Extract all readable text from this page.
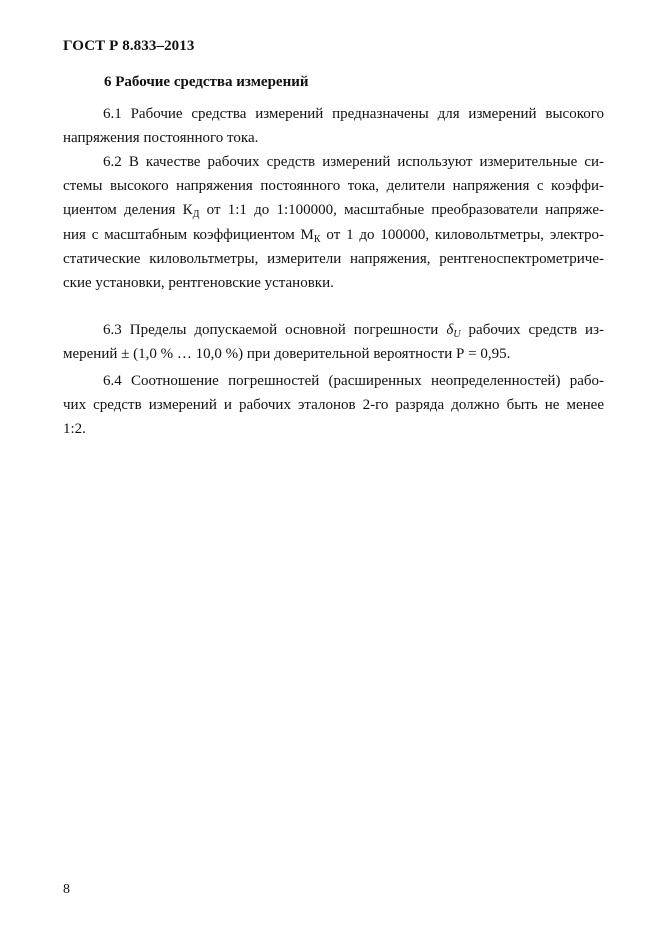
ГОСТ Р 8.833–2013
6 Рабочие средства измерений
6.1 Рабочие средства измерений предназначены для измерений высокого
напряжения постоянного тока.
6.2 В качестве рабочих средств измерений используют измерительные си-
стемы высокого напряжения постоянного тока, делители напряжения с коэффи-
циентом деления $К_Д$ от 1:1 до 1:100000, масштабные преобразователи напряже-
ния с масштабным коэффициентом $М_К$ от 1 до 100000, киловольтметры, электро-
статические киловольтметры, измерители напряжения, рентгеноспектрометриче-
ские установки, рентгеновские установки.
6.3 Пределы допускаемой основной погрешности $\delta_U$ рабочих средств из-
мерений ± (1,0 % … 10,0 %) при доверительной вероятности Р = 0,95.
6.4 Соотношение погрешностей (расширенных неопределенностей) рабо-
чих средств измерений и рабочих эталонов 2-го разряда должно быть не менее
1:2.
8
